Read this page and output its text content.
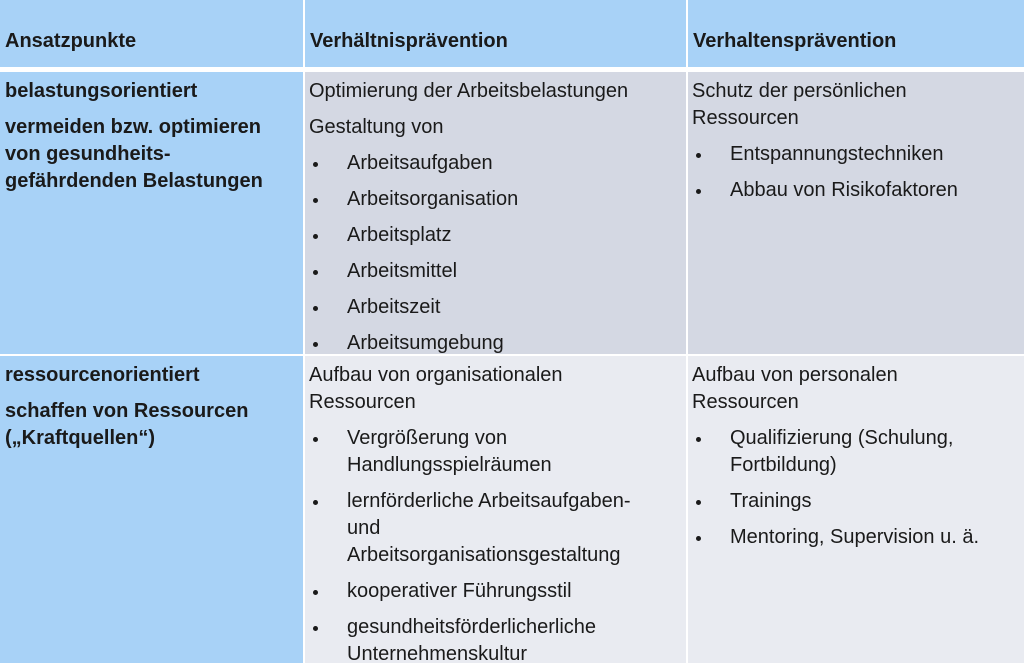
Ansatzpunkte	Verhältnisprävention	Verhaltensprävention
belastungsorientiert
vermeiden bzw. optimieren
von gesundheits-
gefährdenden Belastungen
Optimierung der Arbeitsbelastungen
Gestaltung von
Arbeitsaufgaben
Arbeitsorganisation
Arbeitsplatz
Arbeitsmittel
Arbeitszeit
Arbeitsumgebung
Schutz der persönlichen
Ressourcen
Entspannungstechniken
Abbau von Risikofaktoren
ressourcenorientiert
schaffen von Ressourcen
(„Kraftquellen“)
Aufbau von organisationalen
Ressourcen
Vergrößerung von
Handlungsspielräumen
lernförderliche Arbeitsaufgaben-
und
Arbeitsorganisationsgestaltung
kooperativer Führungsstil
gesundheitsförderlicherliche
Unternehmenskultur
Aufbau von personalen
Ressourcen
Qualifizierung (Schulung,
Fortbildung)
Trainings
Mentoring, Supervision u. ä.
